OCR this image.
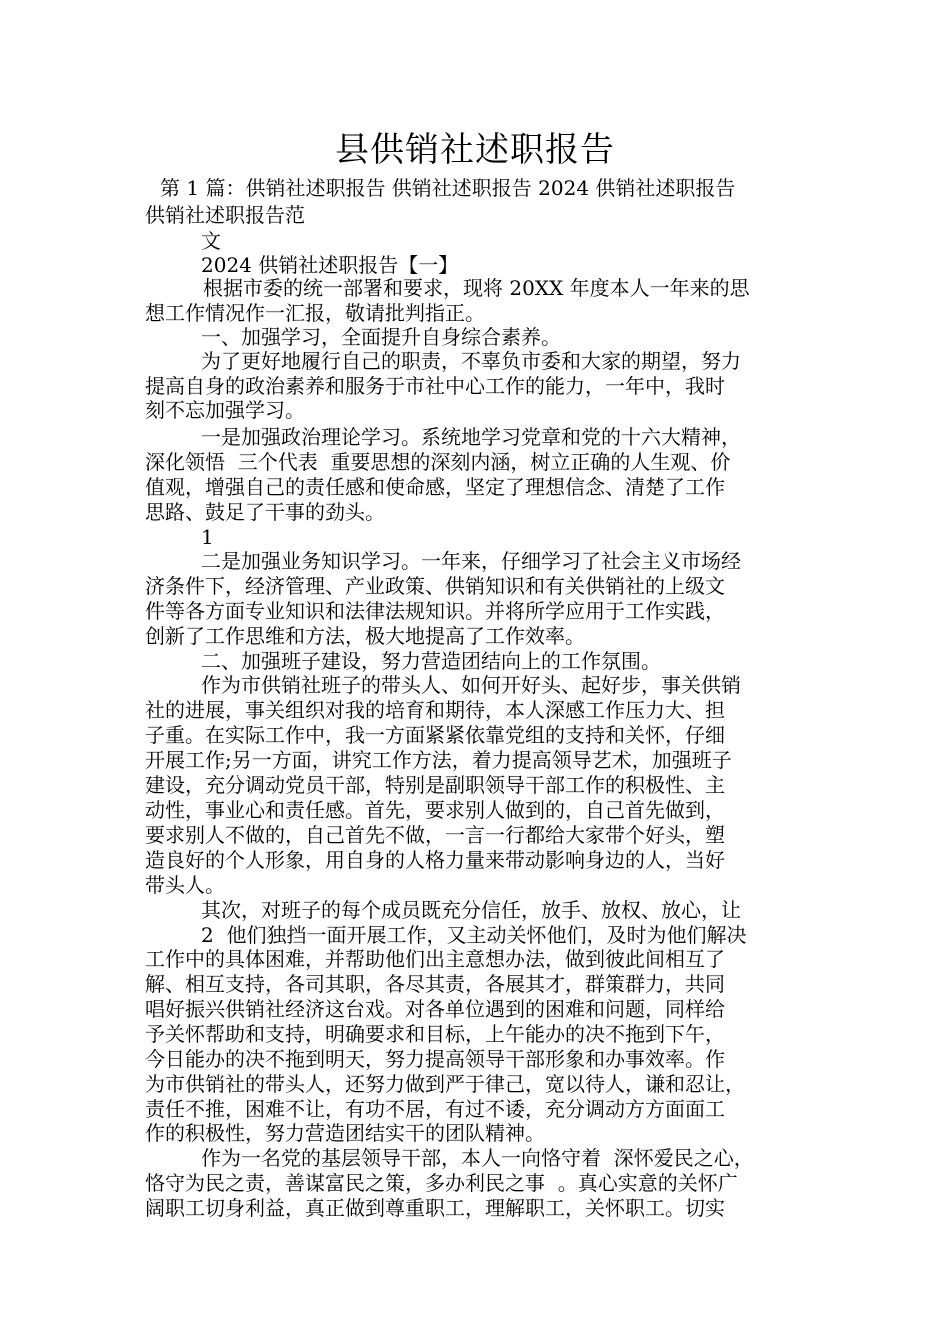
县供销社述职报告
第 1 篇：供销社述职报告 供销社述职报告 2024 供销社述职报告
供销社述职报告范
文
2024 供销社述职报告【一】
根据市委的统一部署和要求，现将 20XX 年度本人一年来的思
想工作情况作一汇报，敬请批判指正。
一、加强学习，全面提升自身综合素养。
为了更好地履行自己的职责，不辜负市委和大家的期望，努力
提高自身的政治素养和服务于市社中心工作的能力，一年中，我时
刻不忘加强学习。
一是加强政治理论学习。系统地学习党章和党的十六大精神，
深化领悟  三个代表  重要思想的深刻内涵，树立正确的人生观、价
值观，增强自己的责任感和使命感，坚定了理想信念、清楚了工作
思路、鼓足了干事的劲头。
1
二是加强业务知识学习。一年来，仔细学习了社会主义市场经
济条件下，经济管理、产业政策、供销知识和有关供销社的上级文
件等各方面专业知识和法律法规知识。并将所学应用于工作实践，
创新了工作思维和方法，极大地提高了工作效率。
二、加强班子建设，努力营造团结向上的工作氛围。
作为市供销社班子的带头人、如何开好头、起好步，事关供销
社的进展，事关组织对我的培育和期待，本人深感工作压力大、担
子重。在实际工作中，我一方面紧紧依靠党组的支持和关怀，仔细
开展工作;另一方面，讲究工作方法，着力提高领导艺术，加强班子
建设，充分调动党员干部，特别是副职领导干部工作的积极性、主
动性，事业心和责任感。首先，要求别人做到的，自己首先做到，
要求别人不做的，自己首先不做，一言一行都给大家带个好头，塑
造良好的个人形象，用自身的人格力量来带动影响身边的人，当好
带头人。
其次，对班子的每个成员既充分信任，放手、放权、放心，让
2  他们独挡一面开展工作，又主动关怀他们，及时为他们解决
工作中的具体困难，并帮助他们出主意想办法，做到彼此间相互了
解、相互支持，各司其职，各尽其责，各展其才，群策群力，共同
唱好振兴供销社经济这台戏。对各单位遇到的困难和问题，同样给
予关怀帮助和支持，明确要求和目标，上午能办的决不拖到下午，
今日能办的决不拖到明天，努力提高领导干部形象和办事效率。作
为市供销社的带头人，还努力做到严于律己，宽以待人，谦和忍让，
责任不推，困难不让，有功不居，有过不诿，充分调动方方面面工
作的积极性，努力营造团结实干的团队精神。
作为一名党的基层领导干部，本人一向恪守着  深怀爱民之心，
恪守为民之责，善谋富民之策，多办利民之事  。真心实意的关怀广
阔职工切身利益，真正做到尊重职工，理解职工，关怀职工。切实
